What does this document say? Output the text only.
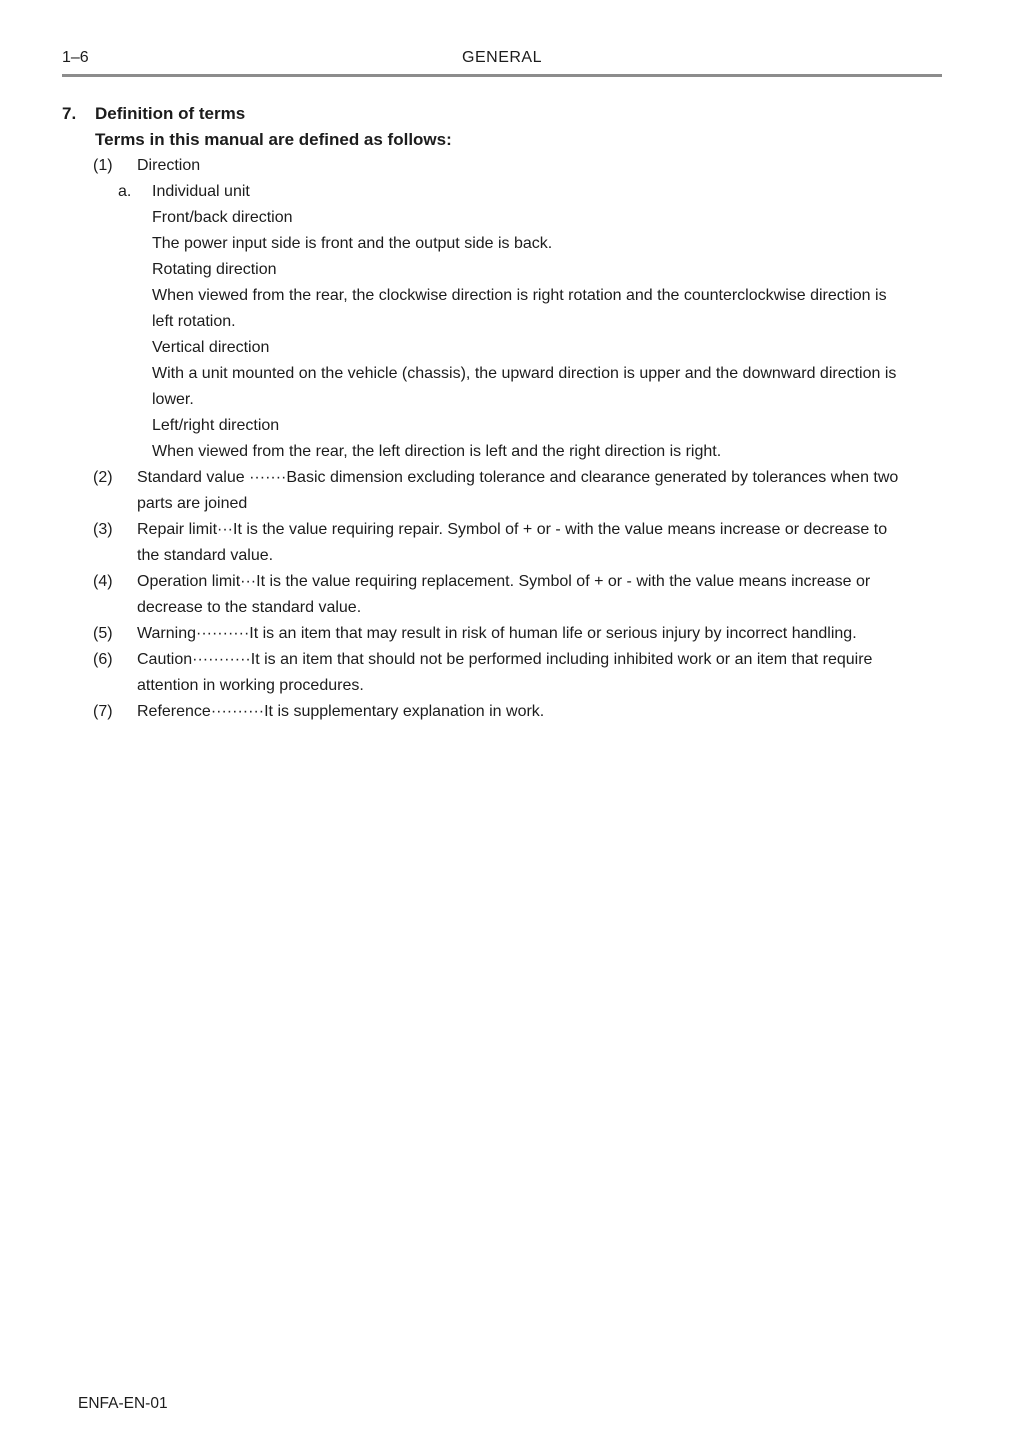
1–6	GENERAL
7.	Definition of terms
Terms in this manual are defined as follows:
(1)	Direction
a.	Individual unit
Front/back direction
The power input side is front and the output side is back.
Rotating direction
When viewed from the rear, the clockwise direction is right rotation and the counterclockwise direction is
left rotation.
Vertical direction
With a unit mounted on the vehicle (chassis), the upward direction is upper and the downward direction is
lower.
Left/right direction
When viewed from the rear, the left direction is left and the right direction is right.
(2)	Standard value ·······Basic dimension excluding tolerance and clearance generated by tolerances when two
parts are joined
(3)	Repair limit···It is the value requiring repair. Symbol of + or - with the value means increase or decrease to
the standard value.
(4)	Operation limit···It is the value requiring replacement. Symbol of + or - with the value means increase or
decrease to the standard value.
(5)	Warning··········It is an item that may result in risk of human life or serious injury by incorrect handling.
(6)	Caution···········It is an item that should not be performed including inhibited work or an item that require
attention in working procedures.
(7)	Reference··········It is supplementary explanation in work.
ENFA-EN-01
